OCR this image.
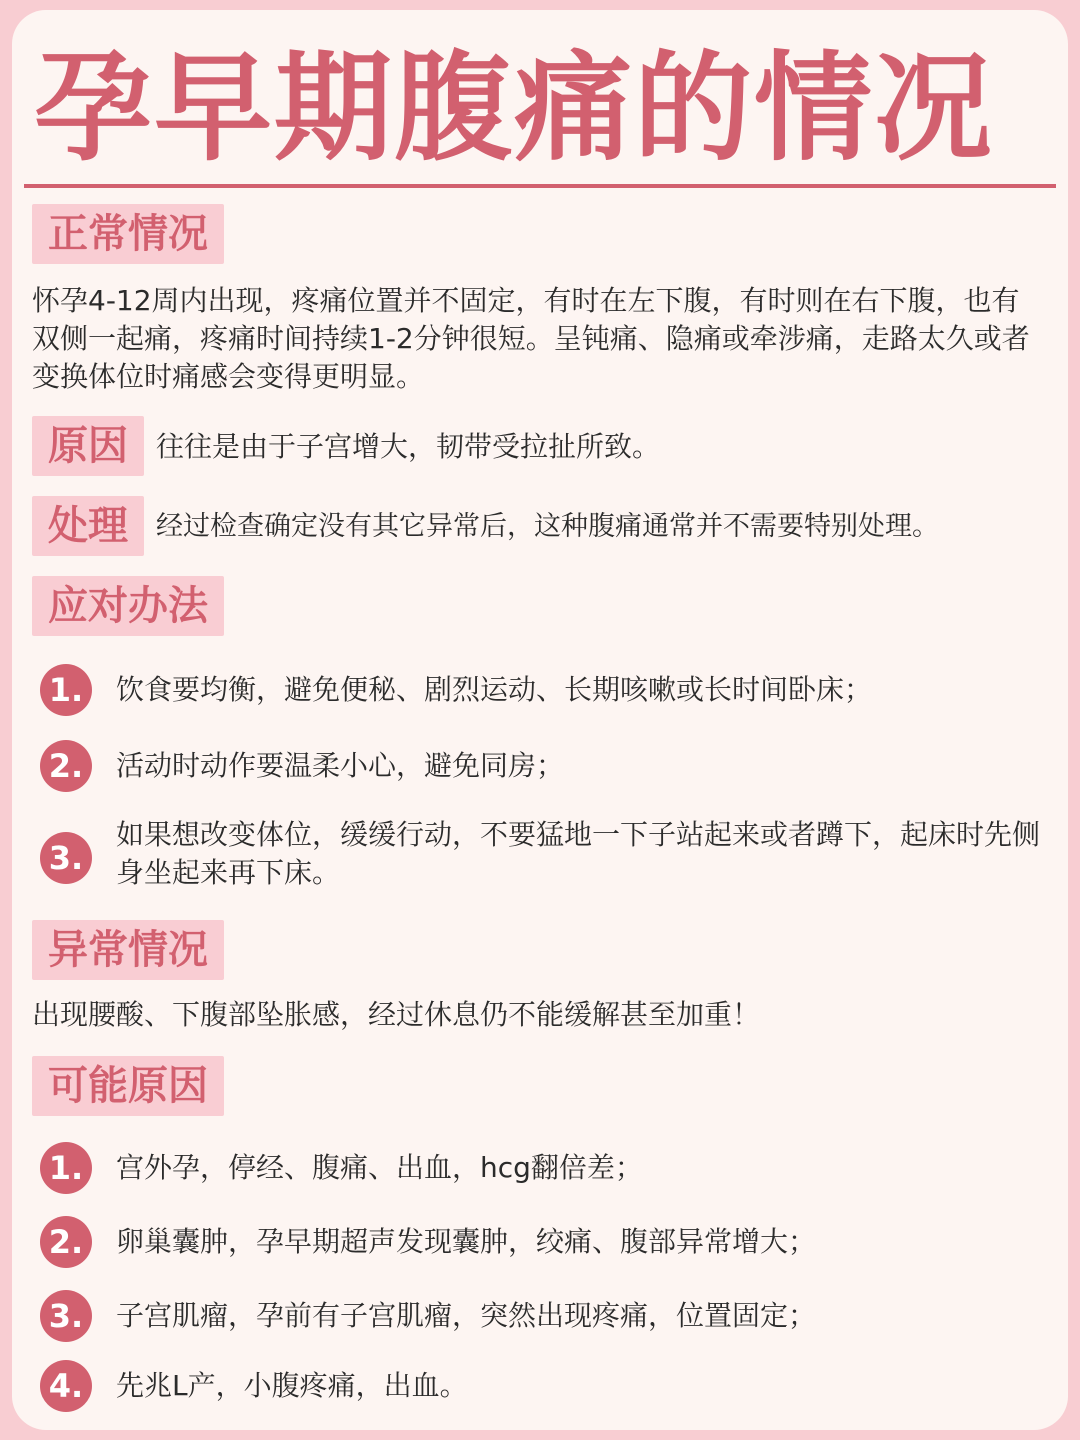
孕早期腹痛的情况
正常情况
怀孕4-12周内出现，疼痛位置并不固定，有时在左下腹，有时则在右下腹，也有双侧一起痛，疼痛时间持续1-2分钟很短。呈钝痛、隐痛或牵涉痛，走路太久或者变换体位时痛感会变得更明显。
原因	往往是由于子宫增大，韧带受拉扯所致。
处理	经过检查确定没有其它异常后，这种腹痛通常并不需要特别处理。
应对办法
1.	饮食要均衡，避免便秘、剧烈运动、长期咳嗽或长时间卧床；
2.	活动时动作要温柔小心，避免同房；
3.
如果想改变体位，缓缓行动，不要猛地一下子站起来或者蹲下，起床时先侧身坐起来再下床。
异常情况
出现腰酸、下腹部坠胀感，经过休息仍不能缓解甚至加重！
可能原因
1.	宫外孕，停经、腹痛、出血，hcg翻倍差；
2.	卵巢囊肿，孕早期超声发现囊肿，绞痛、腹部异常增大；
3.	子宫肌瘤，孕前有子宫肌瘤，突然出现疼痛，位置固定；
4.	先兆L产，小腹疼痛，出血。
